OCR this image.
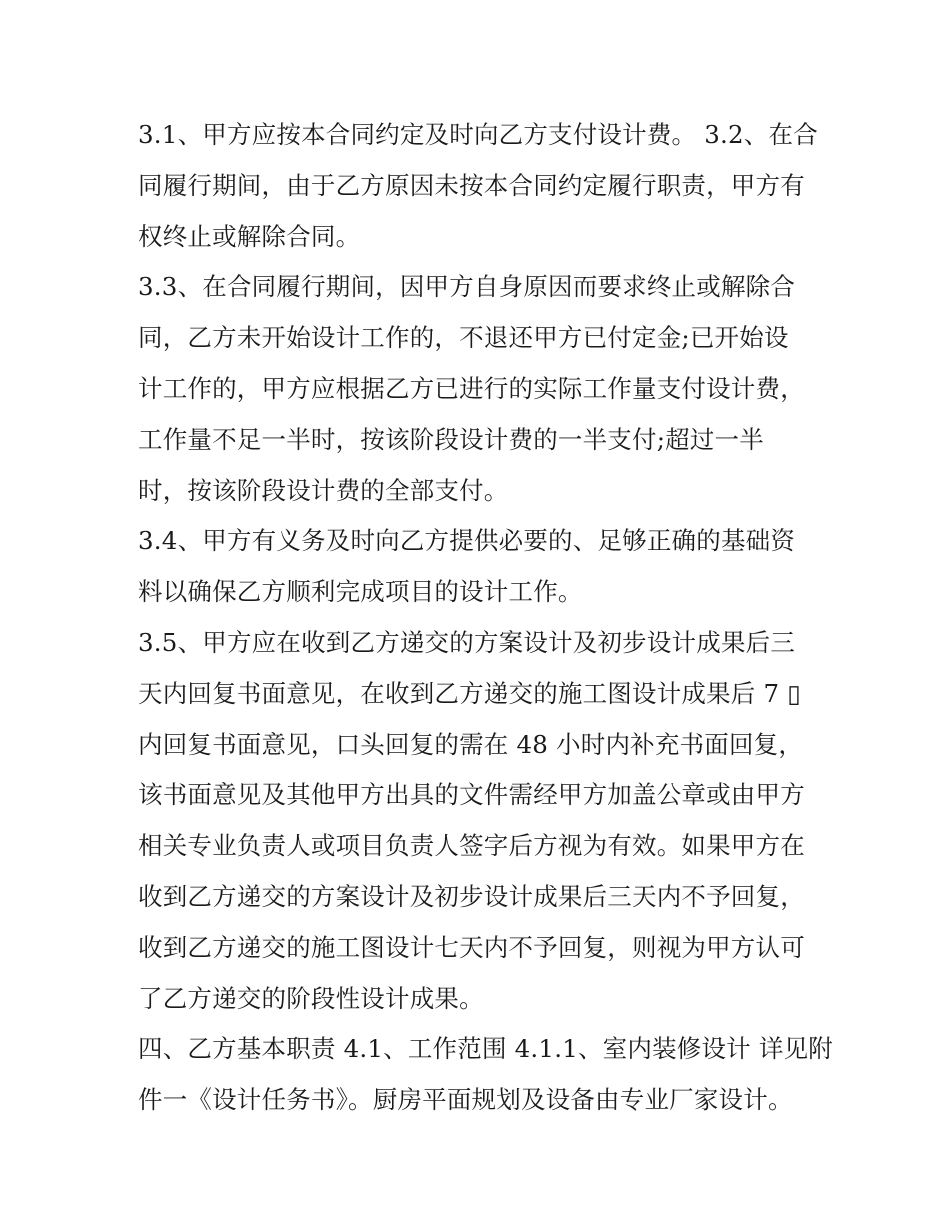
3.1、甲方应按本合同约定及时向乙方支付设计费。 3.2、在合
同履行期间，由于乙方原因未按本合同约定履行职责，甲方有
权终止或解除合同。
3.3、在合同履行期间，因甲方自身原因而要求终止或解除合
同，乙方未开始设计工作的，不退还甲方已付定金;已开始设
计工作的，甲方应根据乙方已进行的实际工作量支付设计费，
工作量不足一半时，按该阶段设计费的一半支付;超过一半
时，按该阶段设计费的全部支付。
3.4、甲方有义务及时向乙方提供必要的、足够正确的基础资
料以确保乙方顺利完成项目的设计工作。
3.5、甲方应在收到乙方递交的方案设计及初步设计成果后三
天内回复书面意见，在收到乙方递交的施工图设计成果后 7 ▯
内回复书面意见，口头回复的需在 48 小时内补充书面回复，
该书面意见及其他甲方出具的文件需经甲方加盖公章或由甲方
相关专业负责人或项目负责人签字后方视为有效。如果甲方在
收到乙方递交的方案设计及初步设计成果后三天内不予回复，
收到乙方递交的施工图设计七天内不予回复，则视为甲方认可
了乙方递交的阶段性设计成果。
四、乙方基本职责 4.1、工作范围 4.1.1、室内装修设计 详见附
件一《设计任务书》。厨房平面规划及设备由专业厂家设计。
